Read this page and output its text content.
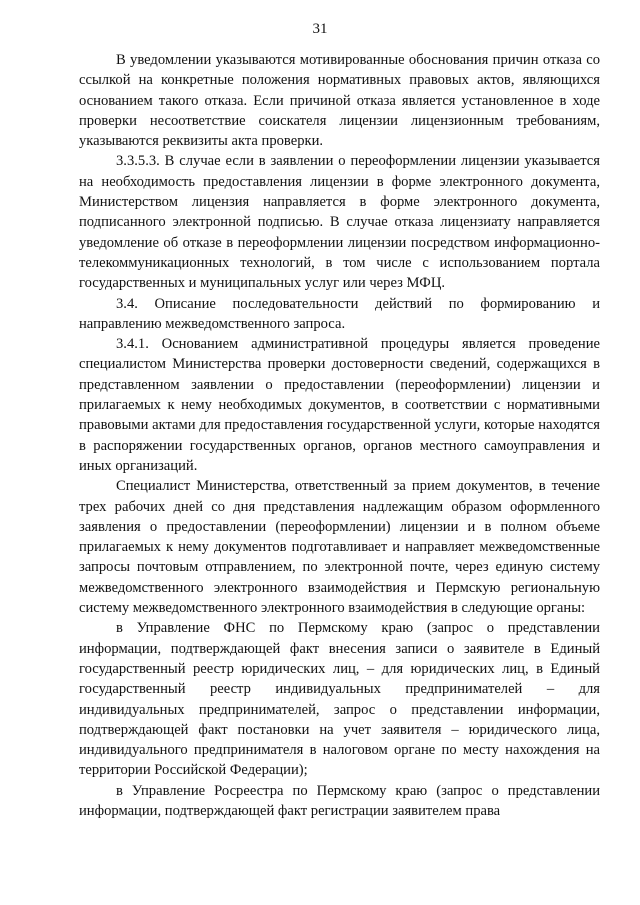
31

В уведомлении указываются мотивированные обоснования причин отказа со ссылкой на конкретные положения нормативных правовых актов, являющихся основанием такого отказа. Если причиной отказа является установленное в ходе проверки несоответствие соискателя лицензии лицензионным требованиям, указываются реквизиты акта проверки.

3.3.5.3. В случае если в заявлении о переоформлении лицензии указывается на необходимость предоставления лицензии в форме электронного документа, Министерством лицензия направляется в форме электронного документа, подписанного электронной подписью. В случае отказа лицензиату направляется уведомление об отказе в переоформлении лицензии посредством информационно-телекоммуникационных технологий, в том числе с использованием портала государственных и муниципальных услуг или через МФЦ.

3.4. Описание последовательности действий по формированию и направлению межведомственного запроса.

3.4.1. Основанием административной процедуры является проведение специалистом Министерства проверки достоверности сведений, содержащихся в представленном заявлении о предоставлении (переоформлении) лицензии и прилагаемых к нему необходимых документов, в соответствии с нормативными правовыми актами для предоставления государственной услуги, которые находятся в распоряжении государственных органов, органов местного самоуправления и иных организаций.

Специалист Министерства, ответственный за прием документов, в течение трех рабочих дней со дня представления надлежащим образом оформленного заявления о предоставлении (переоформлении) лицензии и в полном объеме прилагаемых к нему документов подготавливает и направляет межведомственные запросы почтовым отправлением, по электронной почте, через единую систему межведомственного электронного взаимодействия и Пермскую региональную систему межведомственного электронного взаимодействия в следующие органы:

в Управление ФНС по Пермскому краю (запрос о представлении информации, подтверждающей факт внесения записи о заявителе в Единый государственный реестр юридических лиц, – для юридических лиц, в Единый государственный реестр индивидуальных предпринимателей – для индивидуальных предпринимателей, запрос о представлении информации, подтверждающей факт постановки на учет заявителя – юридического лица, индивидуального предпринимателя в налоговом органе по месту нахождения на территории Российской Федерации);

в Управление Росреестра по Пермскому краю (запрос о представлении информации, подтверждающей факт регистрации заявителем права
